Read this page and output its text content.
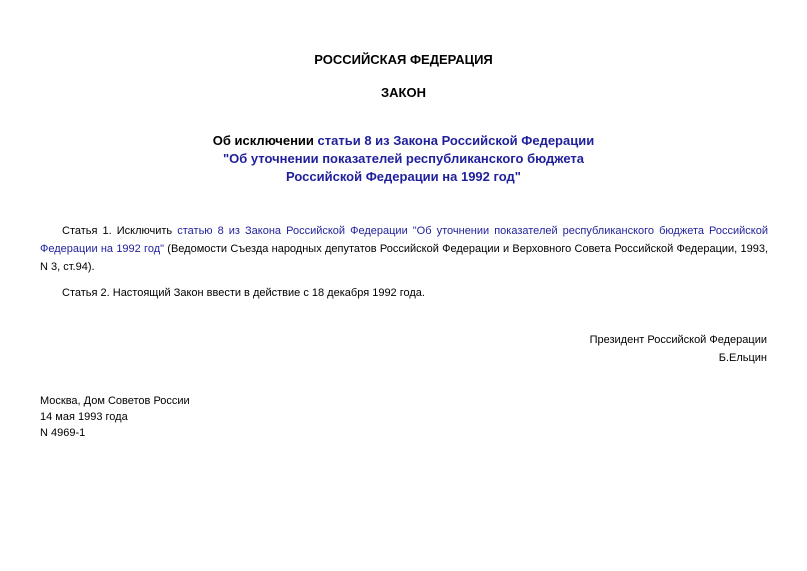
РОССИЙСКАЯ ФЕДЕРАЦИЯ
ЗАКОН
Об исключении статьи 8 из Закона Российской Федерации
"Об уточнении показателей республиканского бюджета
Российской Федерации на 1992 год"
Статья 1. Исключить статью 8 из Закона Российской Федерации "Об уточнении показателей республиканского бюджета Российской Федерации на 1992 год" (Ведомости Съезда народных депутатов Российской Федерации и Верховного Совета Российской Федерации, 1993, N 3, ст.94).
Статья 2. Настоящий Закон ввести в действие с 18 декабря 1992 года.
Президент Российской Федерации
Б.Ельцин
Москва, Дом Советов России
14 мая 1993 года
N 4969-1
